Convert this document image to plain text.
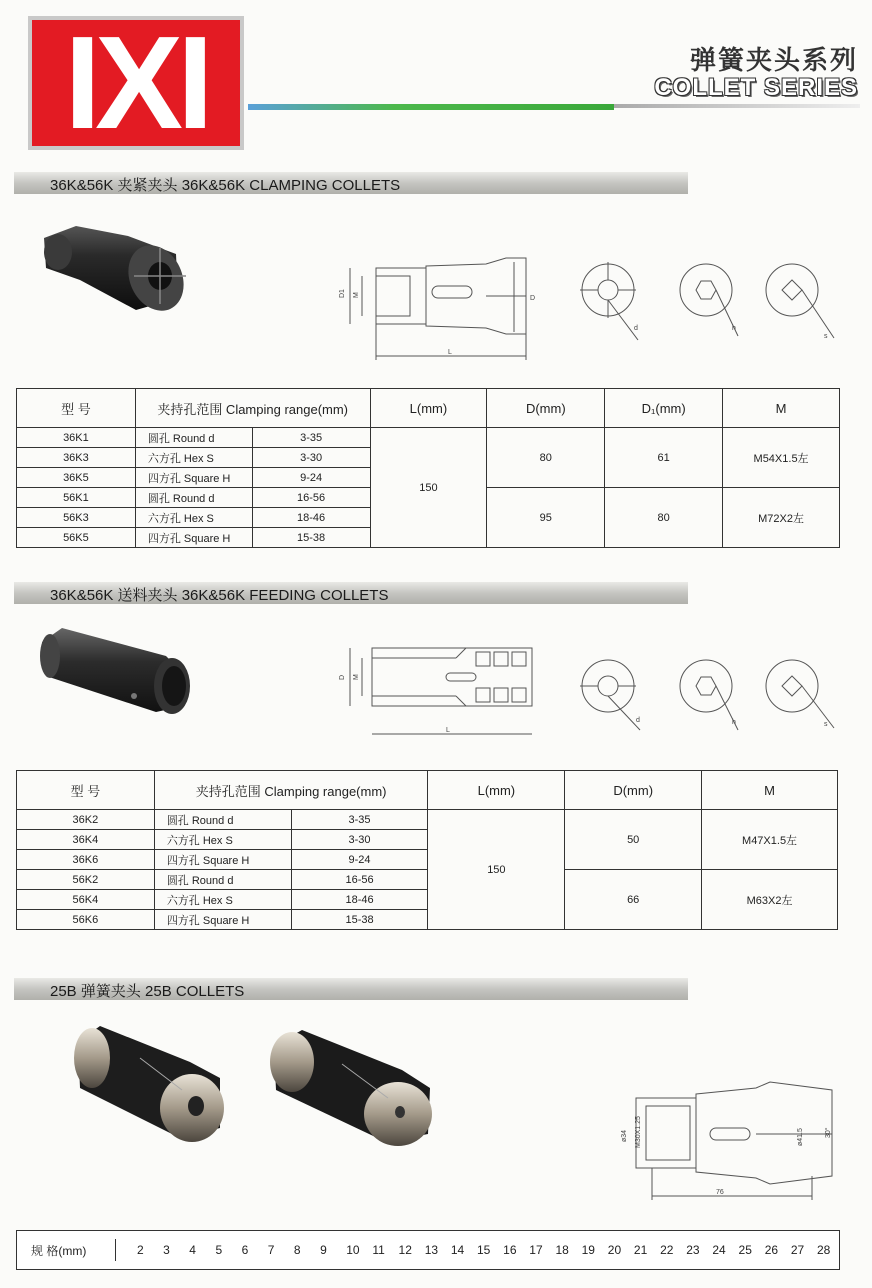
IXI	弹簧夹头系列
COLLET SERIES
36K&56K 夹紧夹头 36K&56K CLAMPING COLLETS
D1 M	D
L
d	h
s
型 号	夹持孔范围 Clamping range(mm)		L(mm)	D(mm)	D₁(mm)	M
36K1	圆孔 Round d	3-35	150	80	61	M54X1.5左
36K3	六方孔 Hex S	3-30				
36K5	四方孔 Square H	9-24				
56K1	圆孔 Round d	16-56		95	80	M72X2左
56K3	六方孔 Hex S	18-46				
56K5	四方孔 Square H	15-38				
36K&56K 送料夹头 36K&56K FEEDING COLLETS
D M
L
d	h	s
型 号	夹持孔范围 Clamping range(mm)		L(mm)	D(mm)	M
36K2	圆孔 Round d	3-35	150	50	M47X1.5左
36K4	六方孔 Hex S	3-30			
36K6	四方孔 Square H	9-24			
56K2	圆孔 Round d	16-56		66	M63X2左
56K4	六方孔 Hex S	18-46			
56K6	四方孔 Square H	15-38			
25B 弹簧夹头 25B COLLETS
ø34 M30X1.25	ø41.5	30°
76
规 格(mm)	2 3 4 5 6 7 8 9 10 11 12 13 14 15 16 17 18 19 20 21 22 23 24 25 26 27 28
